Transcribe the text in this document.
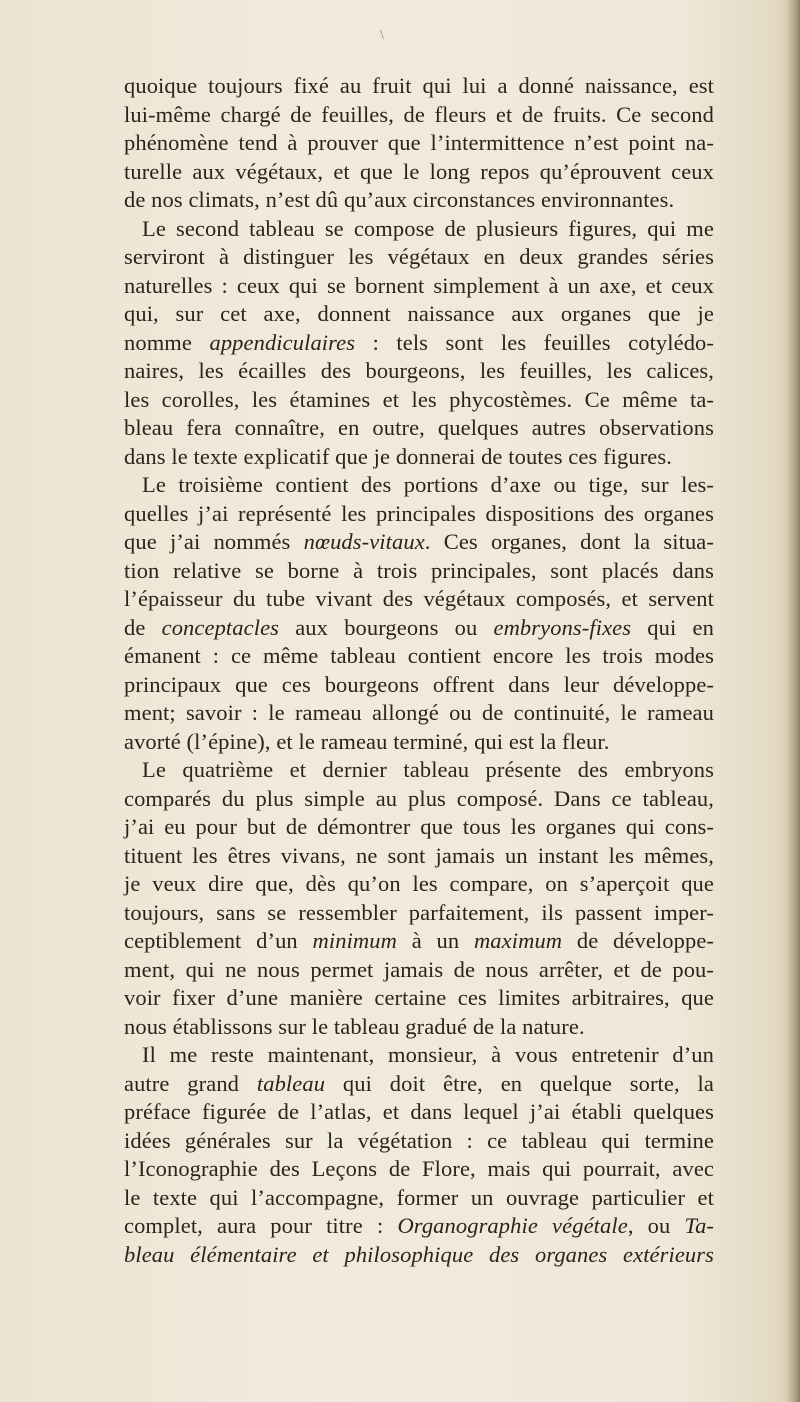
\
quoique toujours fixé au fruit qui lui a donné naissance, est
lui-même chargé de feuilles, de fleurs et de fruits. Ce second
phénomène tend à prouver que l’intermittence n’est point na-
turelle aux végétaux, et que le long repos qu’éprouvent ceux
de nos climats, n’est dû qu’aux circonstances environnantes.
Le second tableau se compose de plusieurs figures, qui me
serviront à distinguer les végétaux en deux grandes séries
naturelles : ceux qui se bornent simplement à un axe, et ceux
qui, sur cet axe, donnent naissance aux organes que je
nomme appendiculaires : tels sont les feuilles cotylédo-
naires, les écailles des bourgeons, les feuilles, les calices,
les corolles, les étamines et les phycostèmes. Ce même ta-
bleau fera connaître, en outre, quelques autres observations
dans le texte explicatif que je donnerai de toutes ces figures.
Le troisième contient des portions d’axe ou tige, sur les-
quelles j’ai représenté les principales dispositions des organes
que j’ai nommés nœuds-vitaux. Ces organes, dont la situa-
tion relative se borne à trois principales, sont placés dans
l’épaisseur du tube vivant des végétaux composés, et servent
de conceptacles aux bourgeons ou embryons-fixes qui en
émanent : ce même tableau contient encore les trois modes
principaux que ces bourgeons offrent dans leur développe-
ment; savoir : le rameau allongé ou de continuité, le rameau
avorté (l’épine), et le rameau terminé, qui est la fleur.
Le quatrième et dernier tableau présente des embryons
comparés du plus simple au plus composé. Dans ce tableau,
j’ai eu pour but de démontrer que tous les organes qui cons-
tituent les êtres vivans, ne sont jamais un instant les mêmes,
je veux dire que, dès qu’on les compare, on s’aperçoit que
toujours, sans se ressembler parfaitement, ils passent imper-
ceptiblement d’un minimum à un maximum de développe-
ment, qui ne nous permet jamais de nous arrêter, et de pou-
voir fixer d’une manière certaine ces limites arbitraires, que
nous établissons sur le tableau gradué de la nature.
Il me reste maintenant, monsieur, à vous entretenir d’un
autre grand tableau qui doit être, en quelque sorte, la
préface figurée de l’atlas, et dans lequel j’ai établi quelques
idées générales sur la végétation : ce tableau qui termine
l’Iconographie des Leçons de Flore, mais qui pourrait, avec
le texte qui l’accompagne, former un ouvrage particulier et
complet, aura pour titre : Organographie végétale, ou Ta-
bleau élémentaire et philosophique des organes extérieurs
